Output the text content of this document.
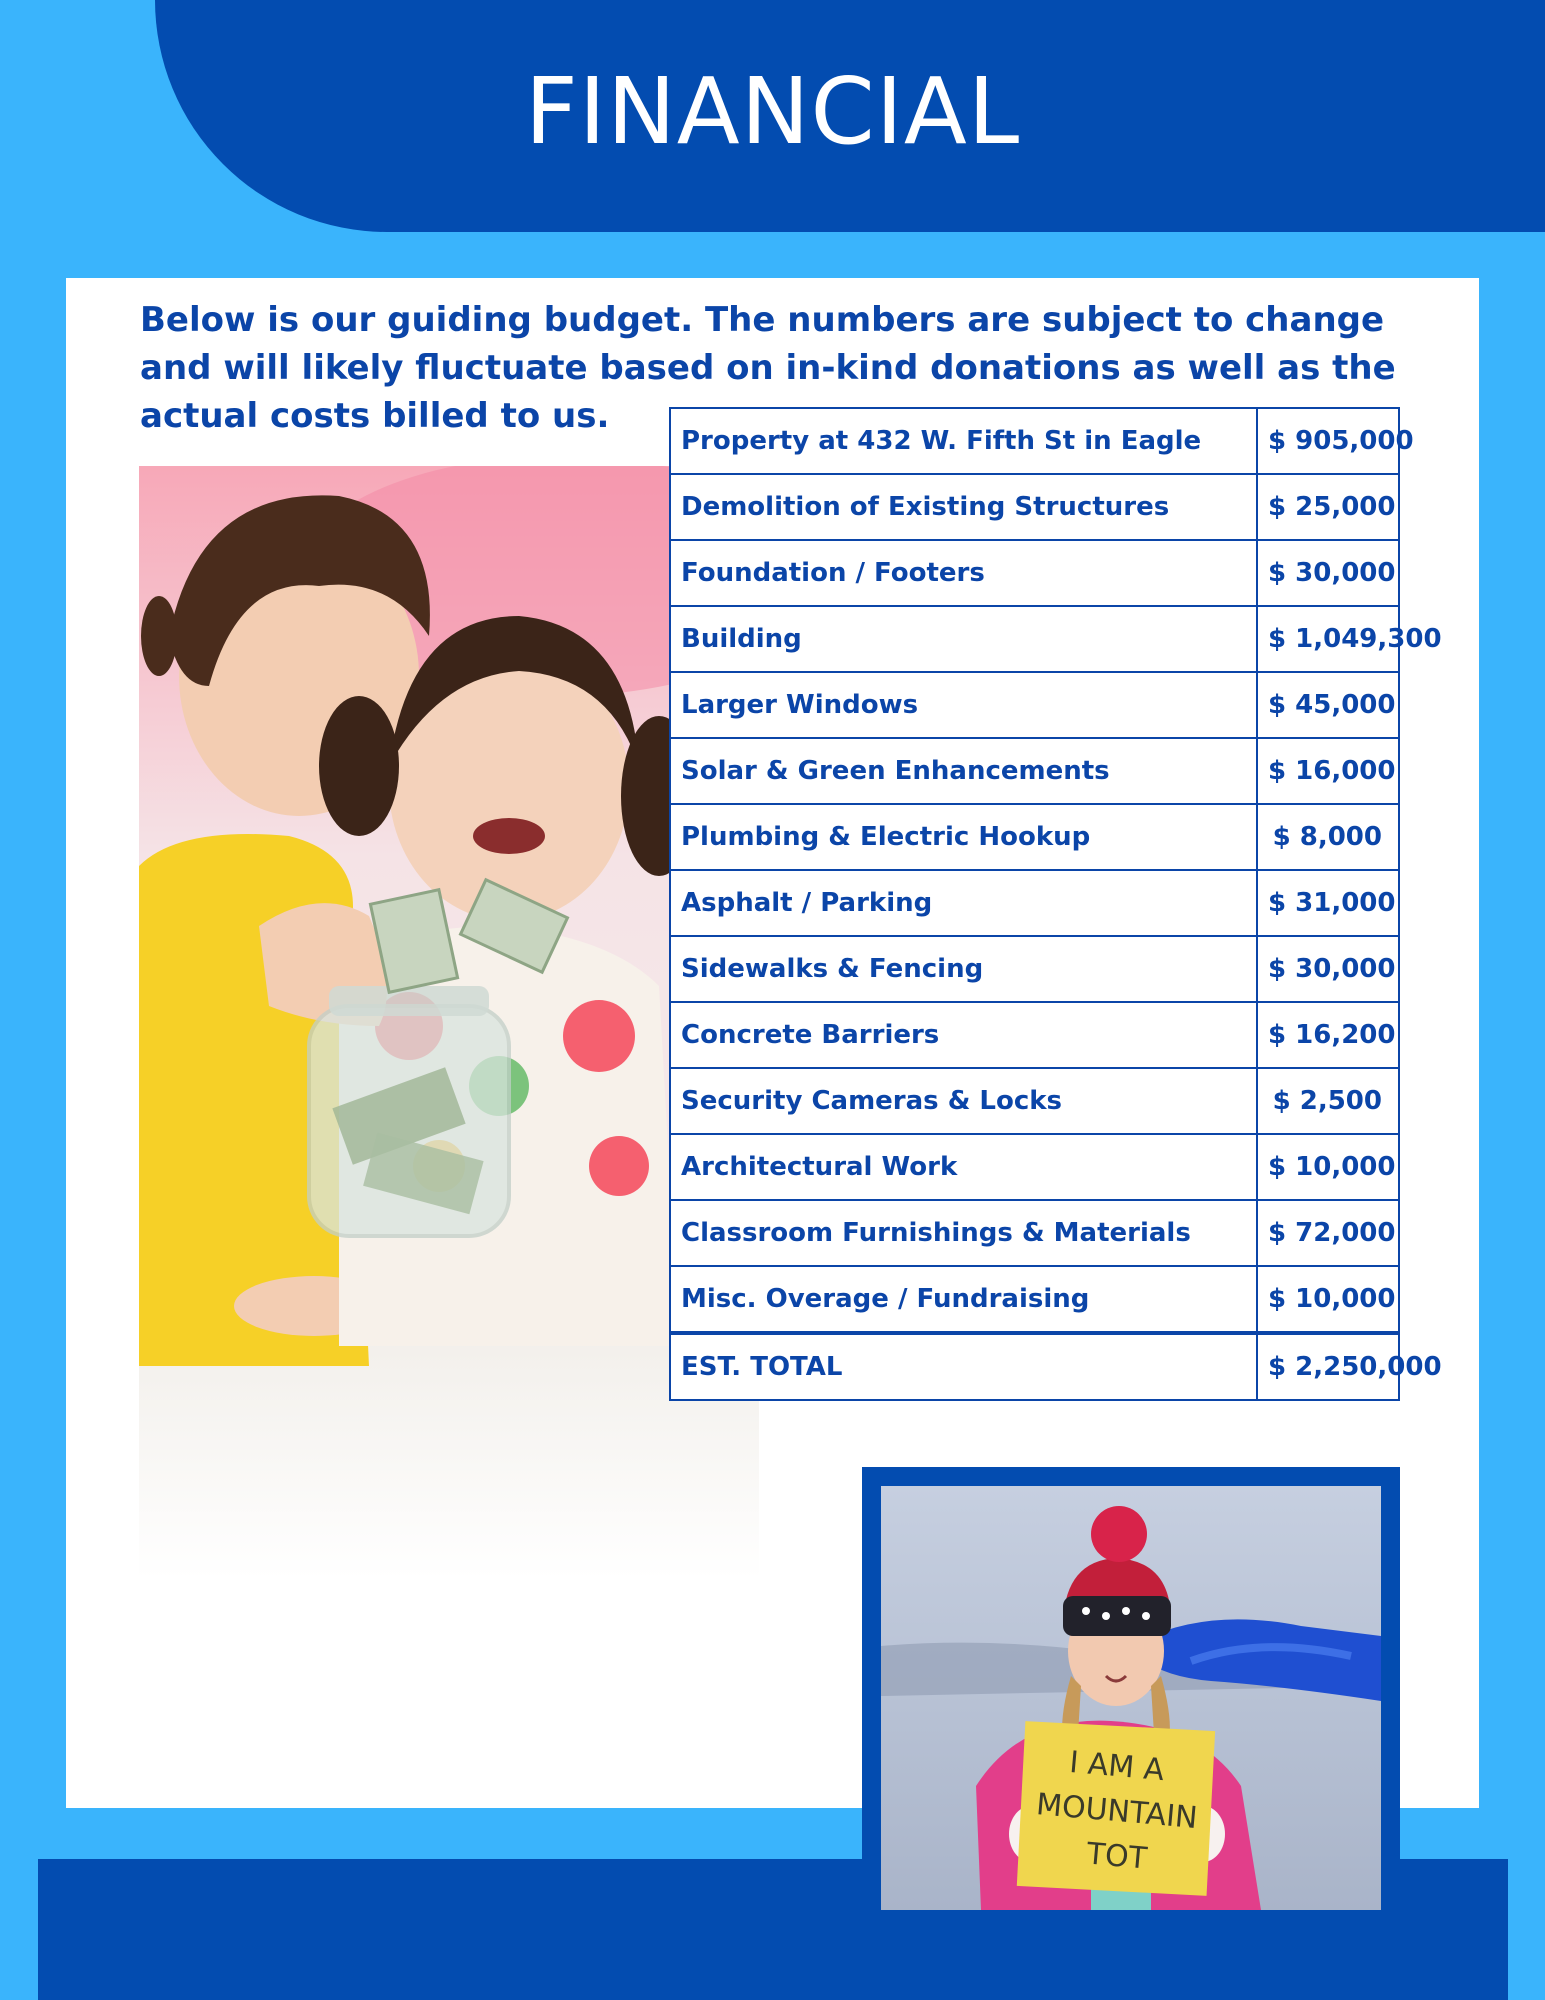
FINANCIAL

Below is our guiding budget. The numbers are subject to change and will likely fluctuate based on in-kind donations as well as the actual costs billed to us.

Property at 432 W. Fifth St in Eagle	$ 905,000
Demolition of Existing Structures	$ 25,000
Foundation / Footers	$ 30,000
Building	$ 1,049,300
Larger Windows	$ 45,000
Solar & Green Enhancements	$ 16,000
Plumbing & Electric Hookup	$ 8,000
Asphalt / Parking	$ 31,000
Sidewalks & Fencing	$ 30,000
Concrete Barriers	$ 16,200
Security Cameras & Locks	$ 2,500
Architectural Work	$ 10,000
Classroom Furnishings & Materials	$ 72,000
Misc. Overage / Fundraising	$ 10,000
EST. TOTAL	$ 2,250,000
I AM A
MOUNTAIN
TOT
